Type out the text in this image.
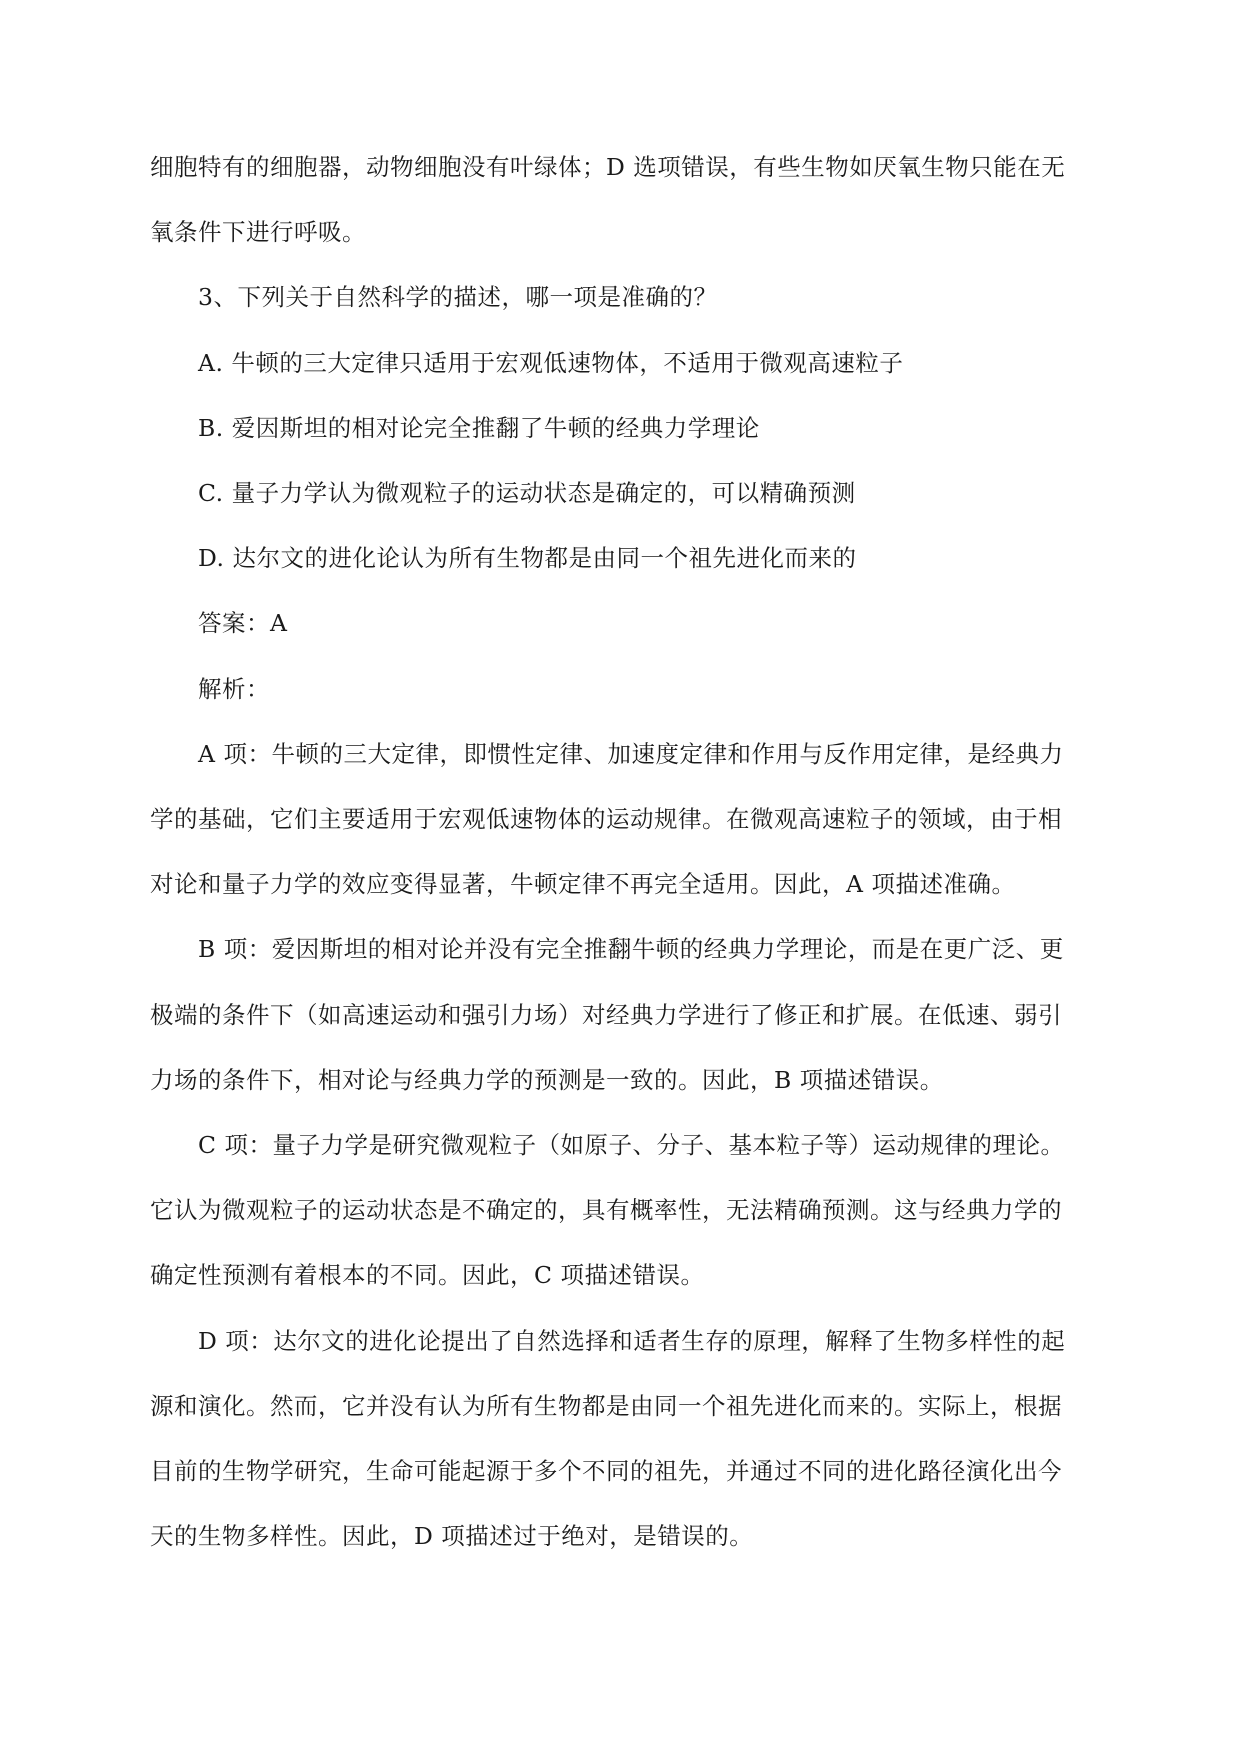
细胞特有的细胞器，动物细胞没有叶绿体；D 选项错误，有些生物如厌氧生物只能在无
氧条件下进行呼吸。

3、下列关于自然科学的描述，哪一项是准确的？

A. 牛顿的三大定律只适用于宏观低速物体，不适用于微观高速粒子

B. 爱因斯坦的相对论完全推翻了牛顿的经典力学理论

C. 量子力学认为微观粒子的运动状态是确定的，可以精确预测

D. 达尔文的进化论认为所有生物都是由同一个祖先进化而来的

答案：A

解析：

A 项：牛顿的三大定律，即惯性定律、加速度定律和作用与反作用定律，是经典力
学的基础，它们主要适用于宏观低速物体的运动规律。在微观高速粒子的领域，由于相
对论和量子力学的效应变得显著，牛顿定律不再完全适用。因此，A 项描述准确。

B 项：爱因斯坦的相对论并没有完全推翻牛顿的经典力学理论，而是在更广泛、更
极端的条件下（如高速运动和强引力场）对经典力学进行了修正和扩展。在低速、弱引
力场的条件下，相对论与经典力学的预测是一致的。因此，B 项描述错误。

C 项：量子力学是研究微观粒子（如原子、分子、基本粒子等）运动规律的理论。
它认为微观粒子的运动状态是不确定的，具有概率性，无法精确预测。这与经典力学的
确定性预测有着根本的不同。因此，C 项描述错误。

D 项：达尔文的进化论提出了自然选择和适者生存的原理，解释了生物多样性的起
源和演化。然而，它并没有认为所有生物都是由同一个祖先进化而来的。实际上，根据
目前的生物学研究，生命可能起源于多个不同的祖先，并通过不同的进化路径演化出今
天的生物多样性。因此，D 项描述过于绝对，是错误的。
